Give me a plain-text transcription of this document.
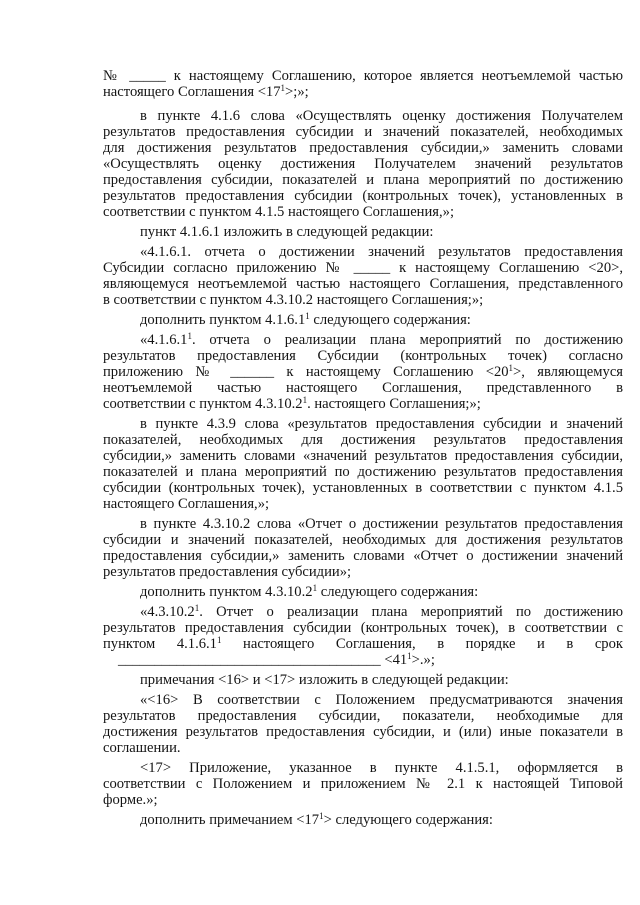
№ _____ к настоящему Соглашению, которое является неотъемлемой частью
настоящего Соглашения $<17^1>$;»;
в пункте 4.1.6 слова «Осуществлять оценку достижения Получателем
результатов предоставления субсидии и значений показателей, необходимых
для достижения результатов предоставления субсидии,» заменить словами
«Осуществлять оценку достижения Получателем значений результатов
предоставления субсидии, показателей и плана мероприятий по достижению
результатов предоставления субсидии (контрольных точек), установленных в
соответствии с пунктом 4.1.5 настоящего Соглашения,»;
пункт 4.1.6.1 изложить в следующей редакции:
«4.1.6.1. отчета о достижении значений результатов предоставления
Субсидии согласно приложению № _____ к настоящему Соглашению <20>,
являющемуся неотъемлемой частью настоящего Соглашения, представленного
в соответствии с пунктом 4.3.10.2 настоящего Соглашения;»;
дополнить пунктом 4.1.6.1$^1$ следующего содержания:
«4.1.6.1$^1$. отчета о реализации плана мероприятий по достижению
результатов предоставления Субсидии (контрольных точек) согласно
приложению № ______ к настоящему Соглашению $<20^1>$, являющемуся
неотъемлемой частью настоящего Соглашения, представленного в
соответствии с пунктом 4.3.10.2$^1$. настоящего Соглашения;»;
в пункте 4.3.9 слова «результатов предоставления субсидии и значений
показателей, необходимых для достижения результатов предоставления
субсидии,» заменить словами «значений результатов предоставления субсидии,
показателей и плана мероприятий по достижению результатов предоставления
субсидии (контрольных точек), установленных в соответствии с пунктом 4.1.5
настоящего Соглашения,»;
в пункте 4.3.10.2 слова «Отчет о достижении результатов предоставления
субсидии и значений показателей, необходимых для достижения результатов
предоставления субсидии,» заменить словами «Отчет о достижении значений
результатов предоставления субсидии»;
дополнить пунктом 4.3.10.2$^1$ следующего содержания:
«4.3.10.2$^1$. Отчет о реализации плана мероприятий по достижению
результатов предоставления субсидии (контрольных точек), в соответствии с
пунктом 4.1.6.1$^1$ настоящего Соглашения, в порядке и в срок
____________________________________ $<41^1>$.»;
примечания <16> и <17> изложить в следующей редакции:
«<16> В соответствии с Положением предусматриваются значения
результатов предоставления субсидии, показатели, необходимые для
достижения результатов предоставления субсидии, и (или) иные показатели в
соглашении.
<17> Приложение, указанное в пункте 4.1.5.1, оформляется в
соответствии с Положением и приложением № 2.1 к настоящей Типовой
форме.»;
дополнить примечанием $<17^1>$ следующего содержания:
